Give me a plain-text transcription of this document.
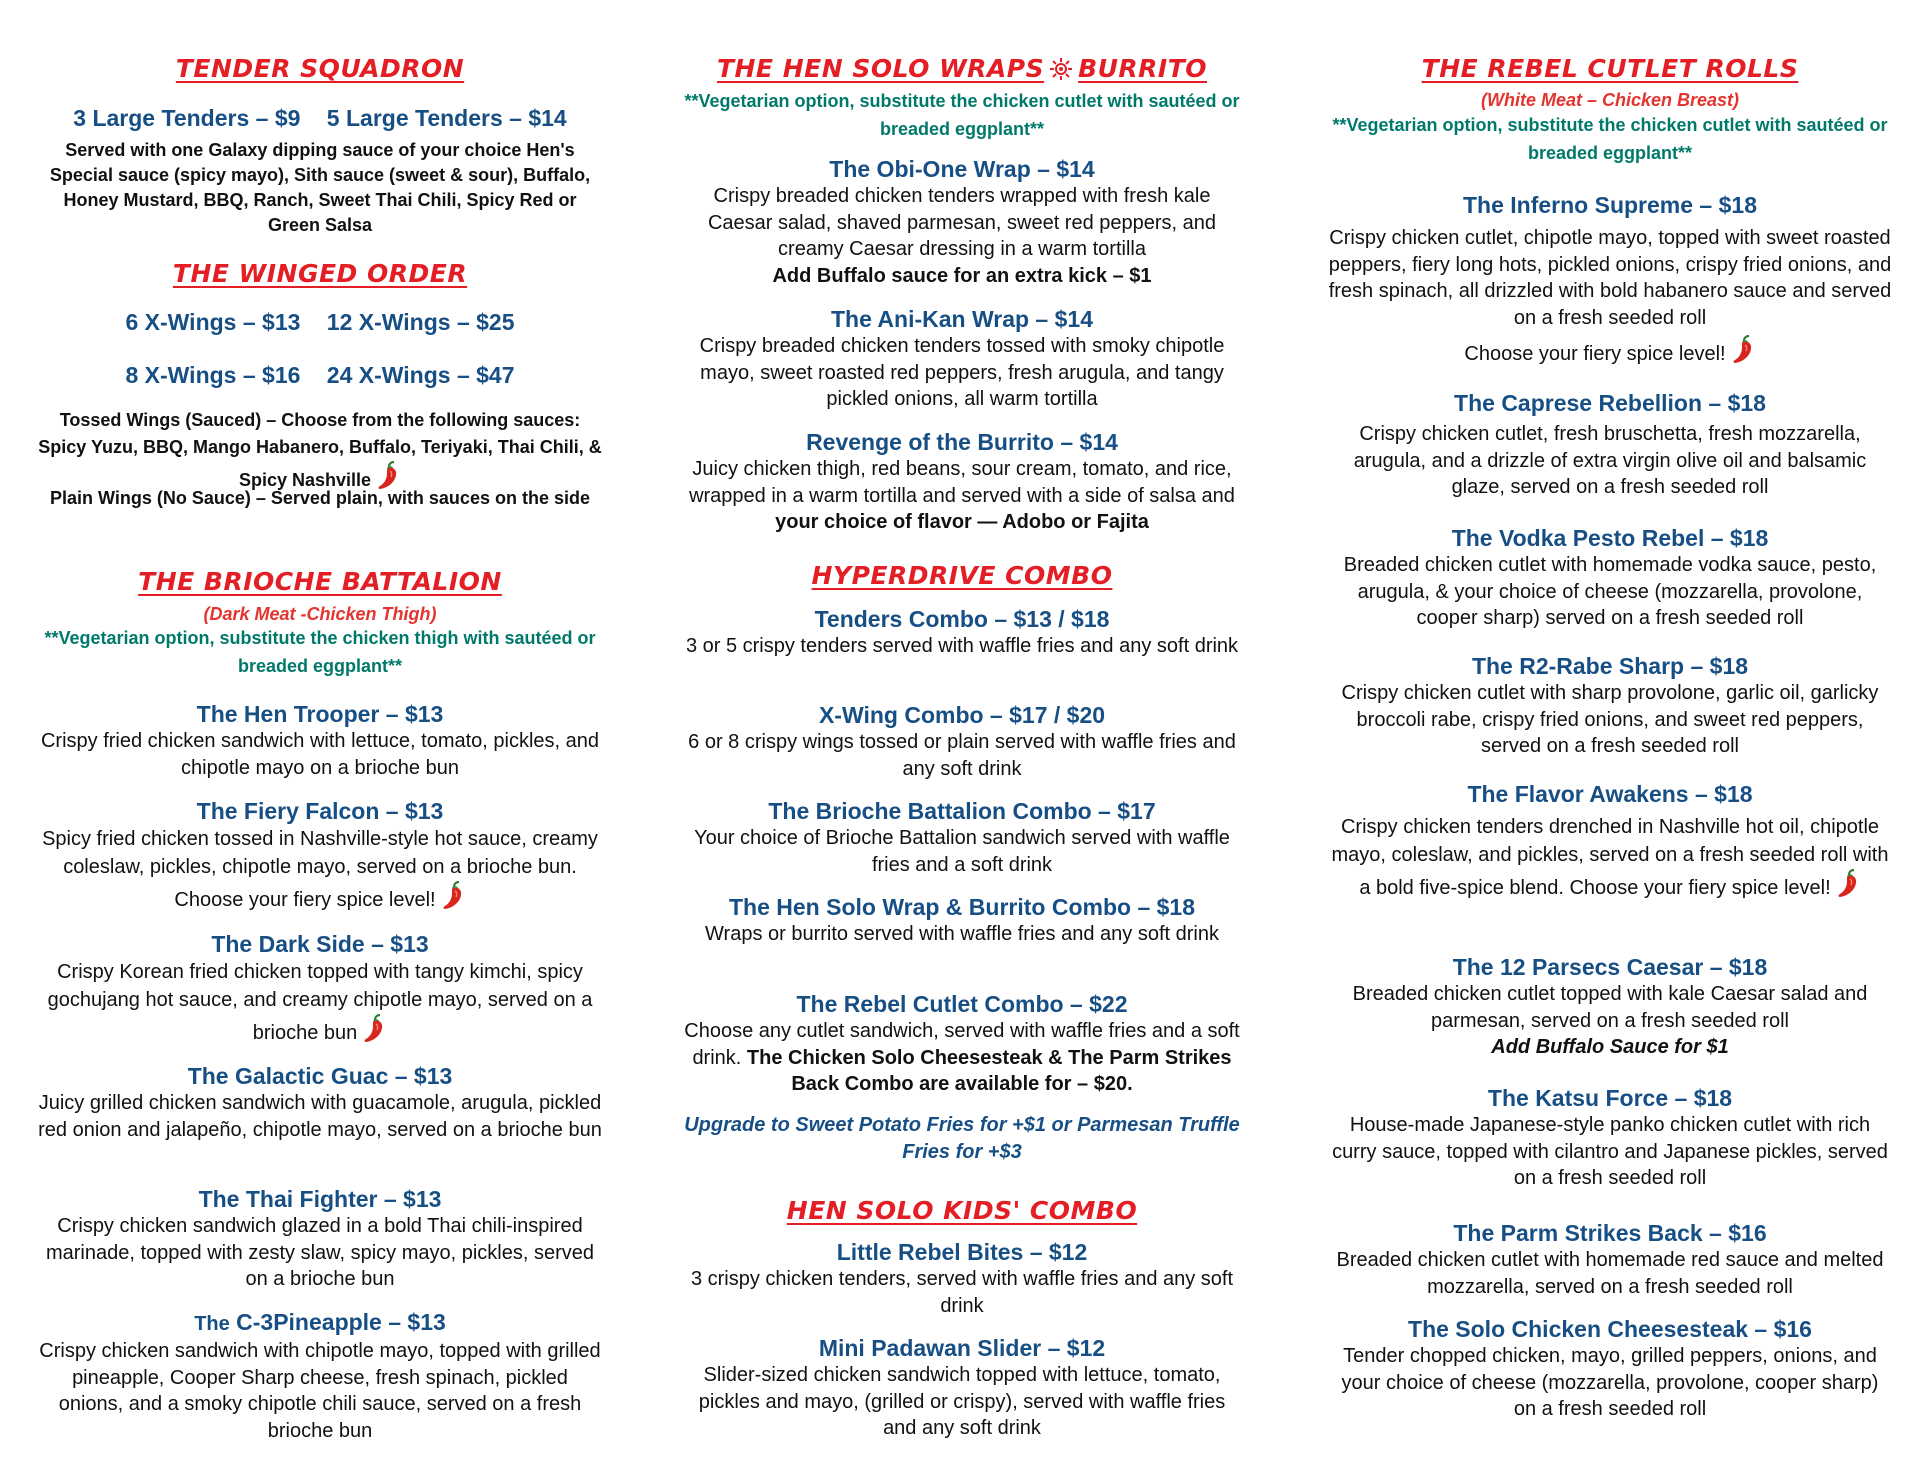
TENDER SQUADRON
3 Large Tenders – $9 5 Large Tenders – $14
Served with one Galaxy dipping sauce of your choice Hen's Special sauce (spicy mayo), Sith sauce (sweet & sour), Buffalo, Honey Mustard, BBQ, Ranch, Sweet Thai Chili, Spicy Red or Green Salsa
THE WINGED ORDER
6 X-Wings – $13 12 X-Wings – $25
8 X-Wings – $16 24 X-Wings – $47
Tossed Wings (Sauced) – Choose from the following sauces: Spicy Yuzu, BBQ, Mango Habanero, Buffalo, Teriyaki, Thai Chili, & Spicy Nashville
Plain Wings (No Sauce) – Served plain, with sauces on the side
THE BRIOCHE BATTALION
(Dark Meat -Chicken Thigh)
**Vegetarian option, substitute the chicken thigh with sautéed or breaded eggplant**
The Hen Trooper – $13
Crispy fried chicken sandwich with lettuce, tomato, pickles, and chipotle mayo on a brioche bun
The Fiery Falcon – $13
Spicy fried chicken tossed in Nashville-style hot sauce, creamy coleslaw, pickles, chipotle mayo, served on a brioche bun. Choose your fiery spice level!
The Dark Side – $13
Crispy Korean fried chicken topped with tangy kimchi, spicy gochujang hot sauce, and creamy chipotle mayo, served on a brioche bun
The Galactic Guac – $13
Juicy grilled chicken sandwich with guacamole, arugula, pickled red onion and jalapeño, chipotle mayo, served on a brioche bun
The Thai Fighter – $13
Crispy chicken sandwich glazed in a bold Thai chili-inspired marinade, topped with zesty slaw, spicy mayo, pickles, served on a brioche bun
The C-3Pineapple – $13
Crispy chicken sandwich with chipotle mayo, topped with grilled pineapple, Cooper Sharp cheese, fresh spinach, pickled onions, and a smoky chipotle chili sauce, served on a fresh brioche bun
THE HEN SOLO WRAPS BURRITO
**Vegetarian option, substitute the chicken cutlet with sautéed or breaded eggplant**
The Obi-One Wrap – $14
Crispy breaded chicken tenders wrapped with fresh kale Caesar salad, shaved parmesan, sweet red peppers, and creamy Caesar dressing in a warm tortilla
Add Buffalo sauce for an extra kick – $1
The Ani-Kan Wrap – $14
Crispy breaded chicken tenders tossed with smoky chipotle mayo, sweet roasted red peppers, fresh arugula, and tangy pickled onions, all warm tortilla
Revenge of the Burrito – $14
Juicy chicken thigh, red beans, sour cream, tomato, and rice, wrapped in a warm tortilla and served with a side of salsa and your choice of flavor — Adobo or Fajita
HYPERDRIVE COMBO
Tenders Combo – $13 / $18
3 or 5 crispy tenders served with waffle fries and any soft drink
X-Wing Combo – $17 / $20
6 or 8 crispy wings tossed or plain served with waffle fries and any soft drink
The Brioche Battalion Combo – $17
Your choice of Brioche Battalion sandwich served with waffle fries and a soft drink
The Hen Solo Wrap & Burrito Combo – $18
Wraps or burrito served with waffle fries and any soft drink
The Rebel Cutlet Combo – $22
Choose any cutlet sandwich, served with waffle fries and a soft drink. The Chicken Solo Cheesesteak & The Parm Strikes Back Combo are available for – $20.
Upgrade to Sweet Potato Fries for +$1 or Parmesan Truffle Fries for +$3
HEN SOLO KIDS' COMBO
Little Rebel Bites – $12
3 crispy chicken tenders, served with waffle fries and any soft drink
Mini Padawan Slider – $12
Slider-sized chicken sandwich topped with lettuce, tomato, pickles and mayo, (grilled or crispy), served with waffle fries and any soft drink
THE REBEL CUTLET ROLLS
(White Meat – Chicken Breast)
**Vegetarian option, substitute the chicken cutlet with sautéed or breaded eggplant**
The Inferno Supreme – $18
Crispy chicken cutlet, chipotle mayo, topped with sweet roasted peppers, fiery long hots, pickled onions, crispy fried onions, and fresh spinach, all drizzled with bold habanero sauce and served on a fresh seeded roll
Choose your fiery spice level!
The Caprese Rebellion – $18
Crispy chicken cutlet, fresh bruschetta, fresh mozzarella, arugula, and a drizzle of extra virgin olive oil and balsamic glaze, served on a fresh seeded roll
The Vodka Pesto Rebel – $18
Breaded chicken cutlet with homemade vodka sauce, pesto, arugula, & your choice of cheese (mozzarella, provolone, cooper sharp) served on a fresh seeded roll
The R2-Rabe Sharp – $18
Crispy chicken cutlet with sharp provolone, garlic oil, garlicky broccoli rabe, crispy fried onions, and sweet red peppers, served on a fresh seeded roll
The Flavor Awakens – $18
Crispy chicken tenders drenched in Nashville hot oil, chipotle mayo, coleslaw, and pickles, served on a fresh seeded roll with a bold five-spice blend. Choose your fiery spice level!
The 12 Parsecs Caesar – $18
Breaded chicken cutlet topped with kale Caesar salad and parmesan, served on a fresh seeded roll
Add Buffalo Sauce for $1
The Katsu Force – $18
House-made Japanese-style panko chicken cutlet with rich curry sauce, topped with cilantro and Japanese pickles, served on a fresh seeded roll
The Parm Strikes Back – $16
Breaded chicken cutlet with homemade red sauce and melted mozzarella, served on a fresh seeded roll
The Solo Chicken Cheesesteak – $16
Tender chopped chicken, mayo, grilled peppers, onions, and your choice of cheese (mozzarella, provolone, cooper sharp) on a fresh seeded roll
